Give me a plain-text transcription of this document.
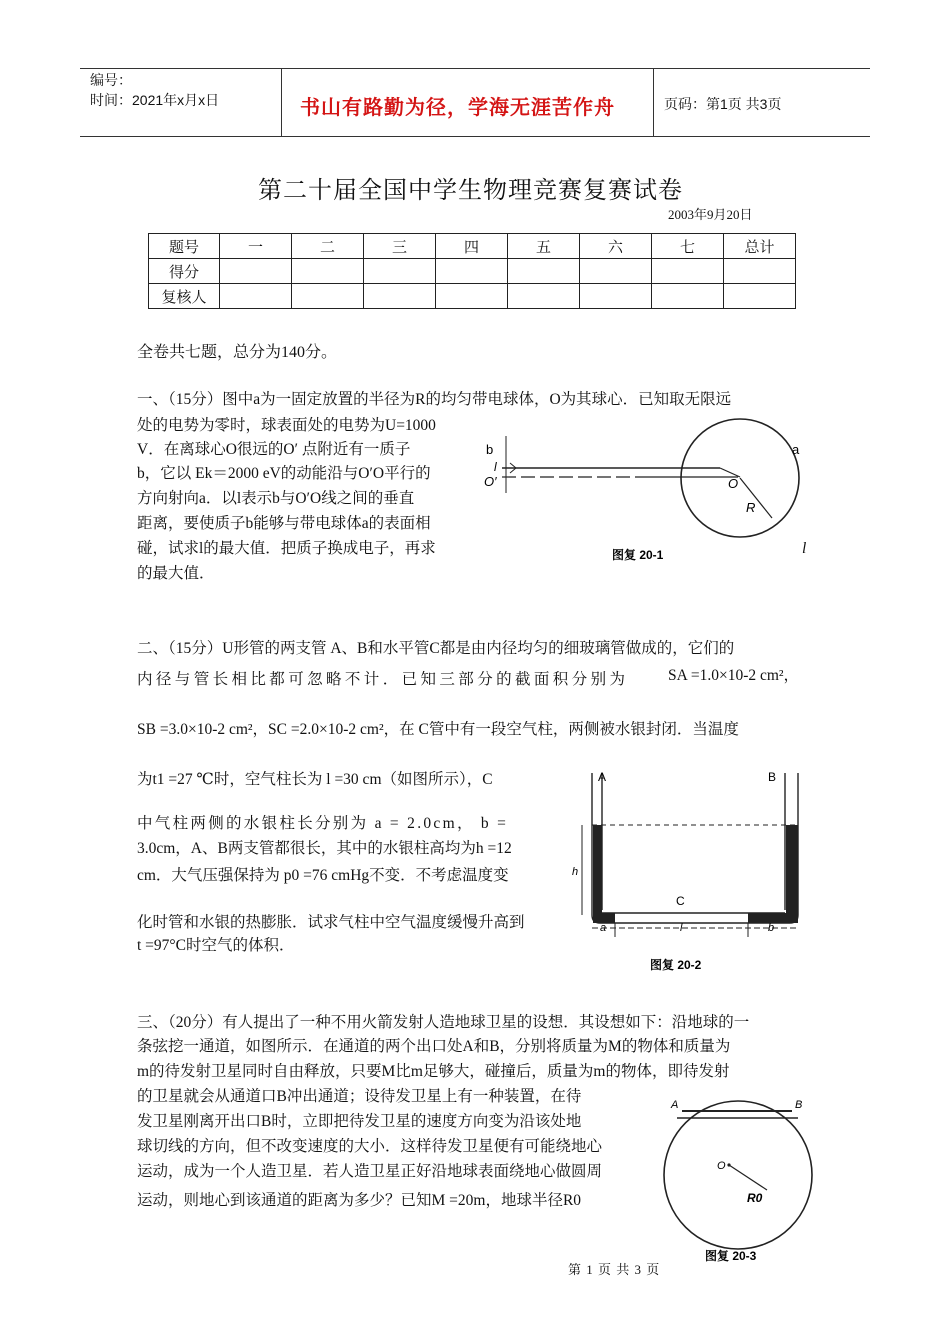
编号：
时间：2021年x月x日	书山有路勤为径，学海无涯苦作舟	页码：第1页 共3页
第二十届全国中学生物理竞赛复赛试卷
2003年9月20日
题号	一	二	三	四	五	六	七	总计
得分								
复核人								
全卷共七题，总分为140分。
一、（15分）图中a为一固定放置的半径为R的均匀带电球体，O为其球心．已知取无限远
处的电势为零时，球表面处的电势为U=1000
V．在离球心O很远的O′ 点附近有一质子
b，它以 Ek＝2000 eV的动能沿与O′O平行的
方向射向a．以l表示b与O′O线之间的垂直
距离，要使质子b能够与带电球体a的表面相
碰，试求l的最大值．把质子换成电子，再求
的最大值．
l
b
l
O′	O
R
a
图复 20-1
二、（15分）U形管的两支管 A、B和水平管C都是由内径均匀的细玻璃管做成的，它们的
内径与管长相比都可忽略不计．已知三部分的截面积分别为	SA =1.0×10-2 cm²，
SB =3.0×10-2 cm²，SC =2.0×10-2 cm²，在 C管中有一段空气柱，两侧被水银封闭．当温度
为t1 =27 ℃时，空气柱长为 l =30 cm（如图所示），C
中气柱两侧的水银柱长分别为 a = 2.0cm， b =
3.0cm，A、B两支管都很长，其中的水银柱高均为h =12
cm．大气压强保持为 p0 =76 cmHg不变．不考虑温度变
化时管和水银的热膨胀．试求气柱中空气温度缓慢升高到
t =97°C时空气的体积．
A	B
h
C
a	l	b
图复 20-2
三、（20分）有人提出了一种不用火箭发射人造地球卫星的设想．其设想如下：沿地球的一
条弦挖一通道，如图所示．在通道的两个出口处A和B，分别将质量为M的物体和质量为
m的待发射卫星同时自由释放，只要M比m足够大，碰撞后，质量为m的物体，即待发射
的卫星就会从通道口B冲出通道；设待发卫星上有一种装置，在待
发卫星刚离开出口B时，立即把待发卫星的速度方向变为沿该处地
球切线的方向，但不改变速度的大小．这样待发卫星便有可能绕地心
运动，成为一个人造卫星．若人造卫星正好沿地球表面绕地心做圆周
运动，则地心到该通道的距离为多少？已知M =20m，地球半径R0
A	B
O
R0
图复 20-3
第 1 页 共 3 页
